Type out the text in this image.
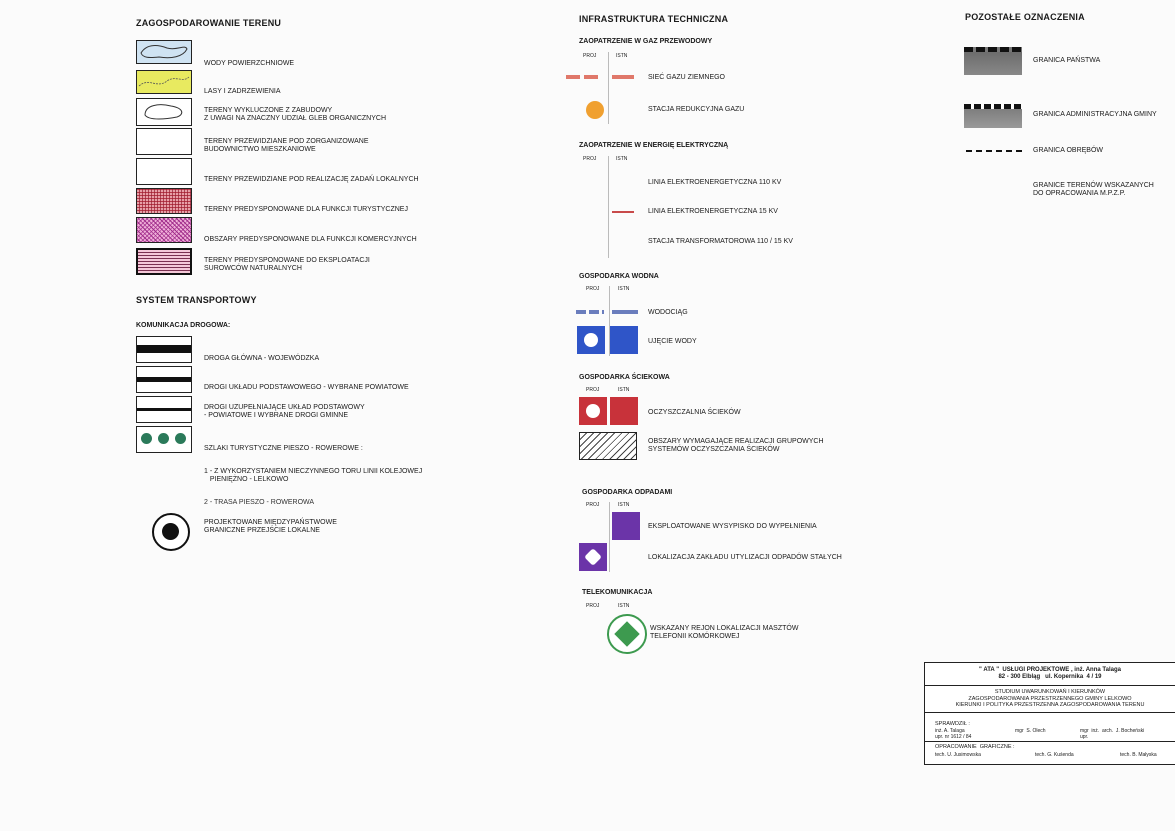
ZAGOSPODAROWANIE TERENU
WODY POWIERZCHNIOWE
LASY I ZADRZEWIENIA
TERENY WYKLUCZONE Z ZABUDOWY
Z UWAGI NA ZNACZNY UDZIAŁ GLEB ORGANICZNYCH
TERENY PRZEWIDZIANE POD ZORGANIZOWANE
BUDOWNICTWO MIESZKANIOWE
TERENY PRZEWIDZIANE POD REALIZACJĘ ZADAŃ LOKALNYCH
TERENY PREDYSPONOWANE DLA FUNKCJI TURYSTYCZNEJ
OBSZARY PREDYSPONOWANE DLA FUNKCJI KOMERCYJNYCH
TERENY PREDYSPONOWANE DO EKSPLOATACJI
SUROWCÓW NATURALNYCH
SYSTEM TRANSPORTOWY
KOMUNIKACJA DROGOWA:
DROGA GŁÓWNA - WOJEWÓDZKA
DROGI UKŁADU PODSTAWOWEGO - WYBRANE POWIATOWE
DROGI UZUPEŁNIAJĄCE UKŁAD PODSTAWOWY
- POWIATOWE I WYBRANE DROGI GMINNE
SZLAKI TURYSTYCZNE PIESZO - ROWEROWE :
1 - Z WYKORZYSTANIEM NIECZYNNEGO TORU LINII KOLEJOWEJ
PIENIĘŻNO - LELKOWO
2 - TRASA PIESZO - ROWEROWA
PROJEKTOWANE MIĘDZYPAŃSTWOWE
GRANICZNE PRZEJŚCIE LOKALNE
INFRASTRUKTURA TECHNICZNA
ZAOPATRZENIE W GAZ PRZEWODOWY
PROJ	ISTN
SIEĆ GAZU ZIEMNEGO
STACJA REDUKCYJNA GAZU
ZAOPATRZENIE W ENERGIĘ ELEKTRYCZNĄ
PROJ	ISTN
LINIA ELEKTROENERGETYCZNA 110 KV
LINIA ELEKTROENERGETYCZNA 15 KV
STACJA TRANSFORMATOROWA 110 / 15 KV
GOSPODARKA WODNA
PROJ	ISTN
WODOCIĄG
UJĘCIE WODY
GOSPODARKA ŚCIEKOWA
PROJ	ISTN
OCZYSZCZALNIA ŚCIEKÓW
OBSZARY WYMAGAJĄCE REALIZACJI GRUPOWYCH
SYSTEMÓW OCZYSZCZANIA ŚCIEKÓW
GOSPODARKA ODPADAMI
PROJ	ISTN
EKSPLOATOWANE WYSYPISKO DO WYPEŁNIENIA
LOKALIZACJA ZAKŁADU UTYLIZACJI ODPADÓW STAŁYCH
TELEKOMUNIKACJA
PROJ	ISTN
WSKAZANY REJON LOKALIZACJI MASZTÓW
TELEFONII KOMÓRKOWEJ
POZOSTAŁE OZNACZENIA
GRANICA PAŃSTWA
GRANICA ADMINISTRACYJNA GMINY
GRANICA OBRĘBÓW
GRANICE TERENÓW WSKAZANYCH
DO OPRACOWANIA M.P.Z.P.
" ATA "  USŁUGI PROJEKTOWE , inż. Anna Talaga
82 - 300 Elbląg   ul. Kopernika  4 / 19
STUDIUM UWARUNKOWAŃ I KIERUNKÓW
ZAGOSPODAROWANIA PRZESTRZENNEGO GMINY LELKOWO
KIERUNKI I POLITYKA PRZESTRZENNA ZAGOSPODAROWANIA TERENU
SPRAWDZIŁ :
inż. A. Talaga
upr. nr 1612 / 84
mgr  S. Olech	mgr  inż.  arch.  J. Bocheński
upr.
OPRACOWANIE  GRAFICZNE :
tech. U. Jusimowska	tech. G. Kuśenda	tech. B. Małyska
